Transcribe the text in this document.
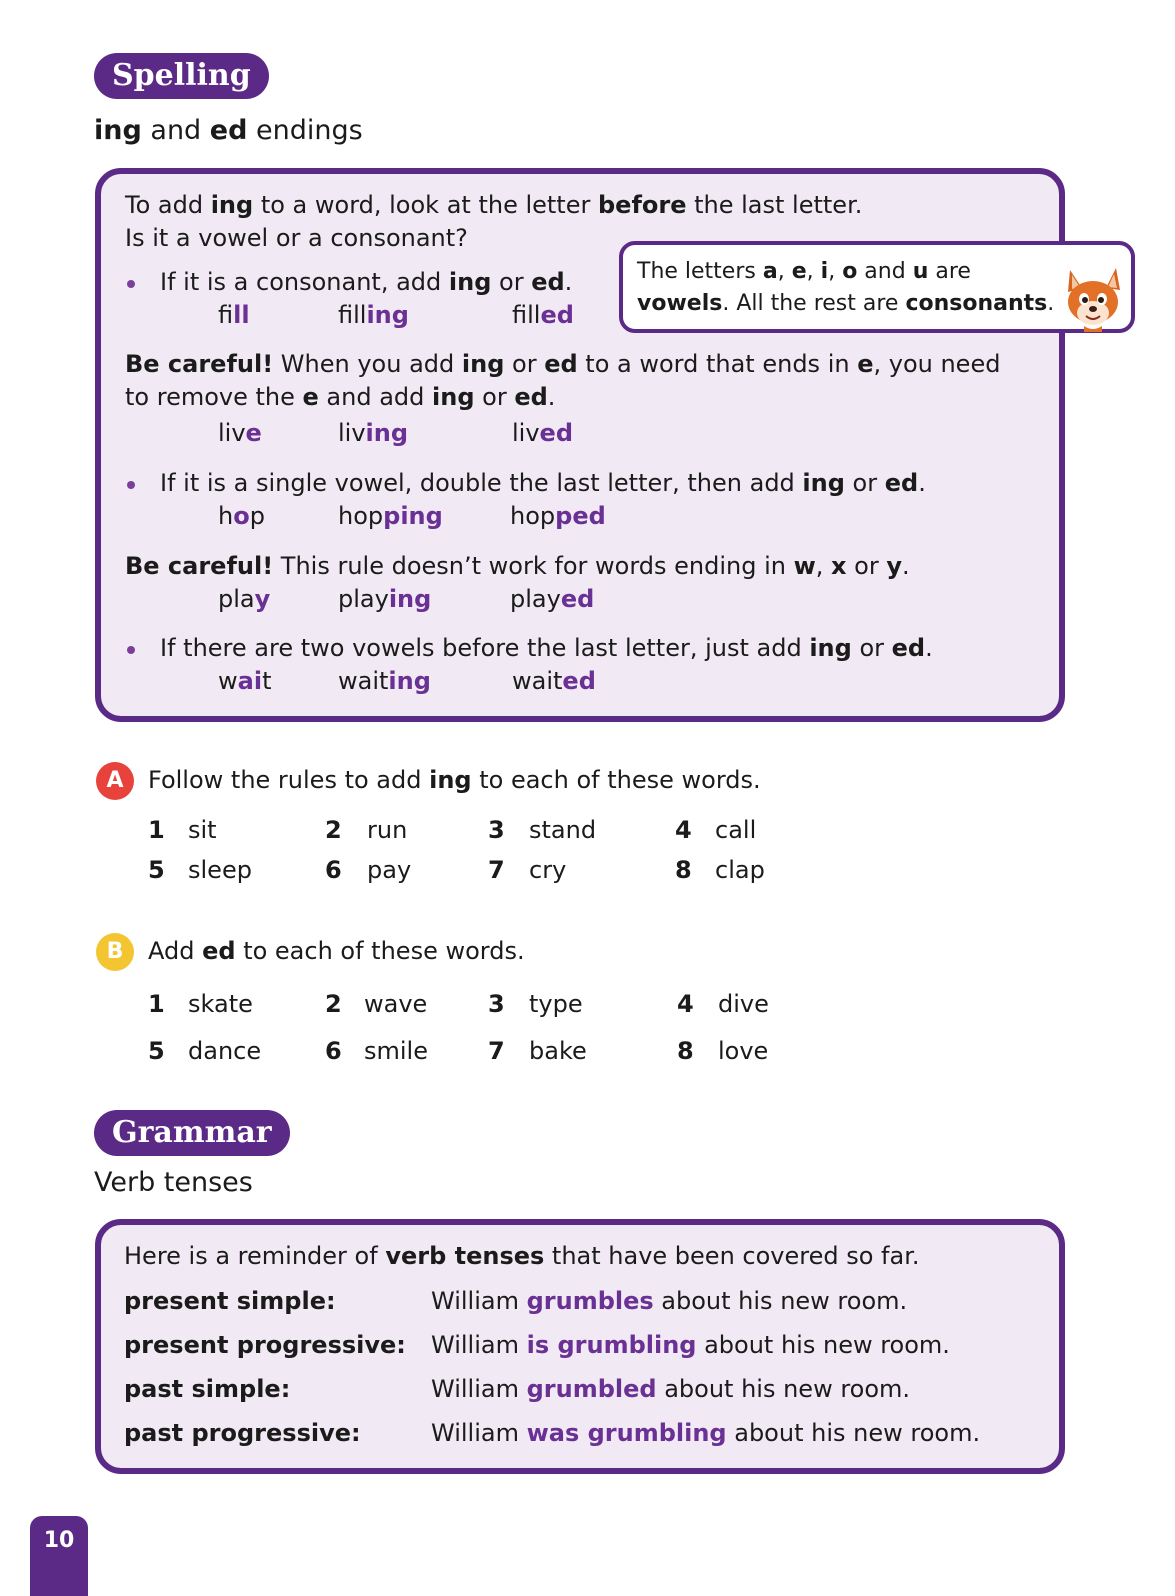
Spelling
ing and ed endings
To add ing to a word, look at the letter before the last letter.
Is it a vowel or a consonant?
If it is a consonant, add ing or ed.
fill	filling	filled
Be careful! When you add ing or ed to a word that ends in e, you need
to remove the e and add ing or ed.
live	living	lived
If it is a single vowel, double the last letter, then add ing or ed.
hop	hopping	hopped
Be careful! This rule doesn’t work for words ending in w, x or y.
play	playing	played
If there are two vowels before the last letter, just add ing or ed.
wait	waiting	waited
The letters a, e, i, o and u are
vowels. All the rest are consonants.
A	Follow the rules to add ing to each of these words.
1 sit	2 run	3 stand	4 call
5 sleep	6 pay	7 cry	8 clap
B	Add ed to each of these words.
1 skate	2 wave	3 type	4 dive
5 dance	6 smile	7 bake	8 love
Grammar
Verb tenses
Here is a reminder of verb tenses that have been covered so far.
present simple:	William grumbles about his new room.
present progressive: William is grumbling about his new room.
past simple:	William grumbled about his new room.
past progressive:	William was grumbling about his new room.
10
